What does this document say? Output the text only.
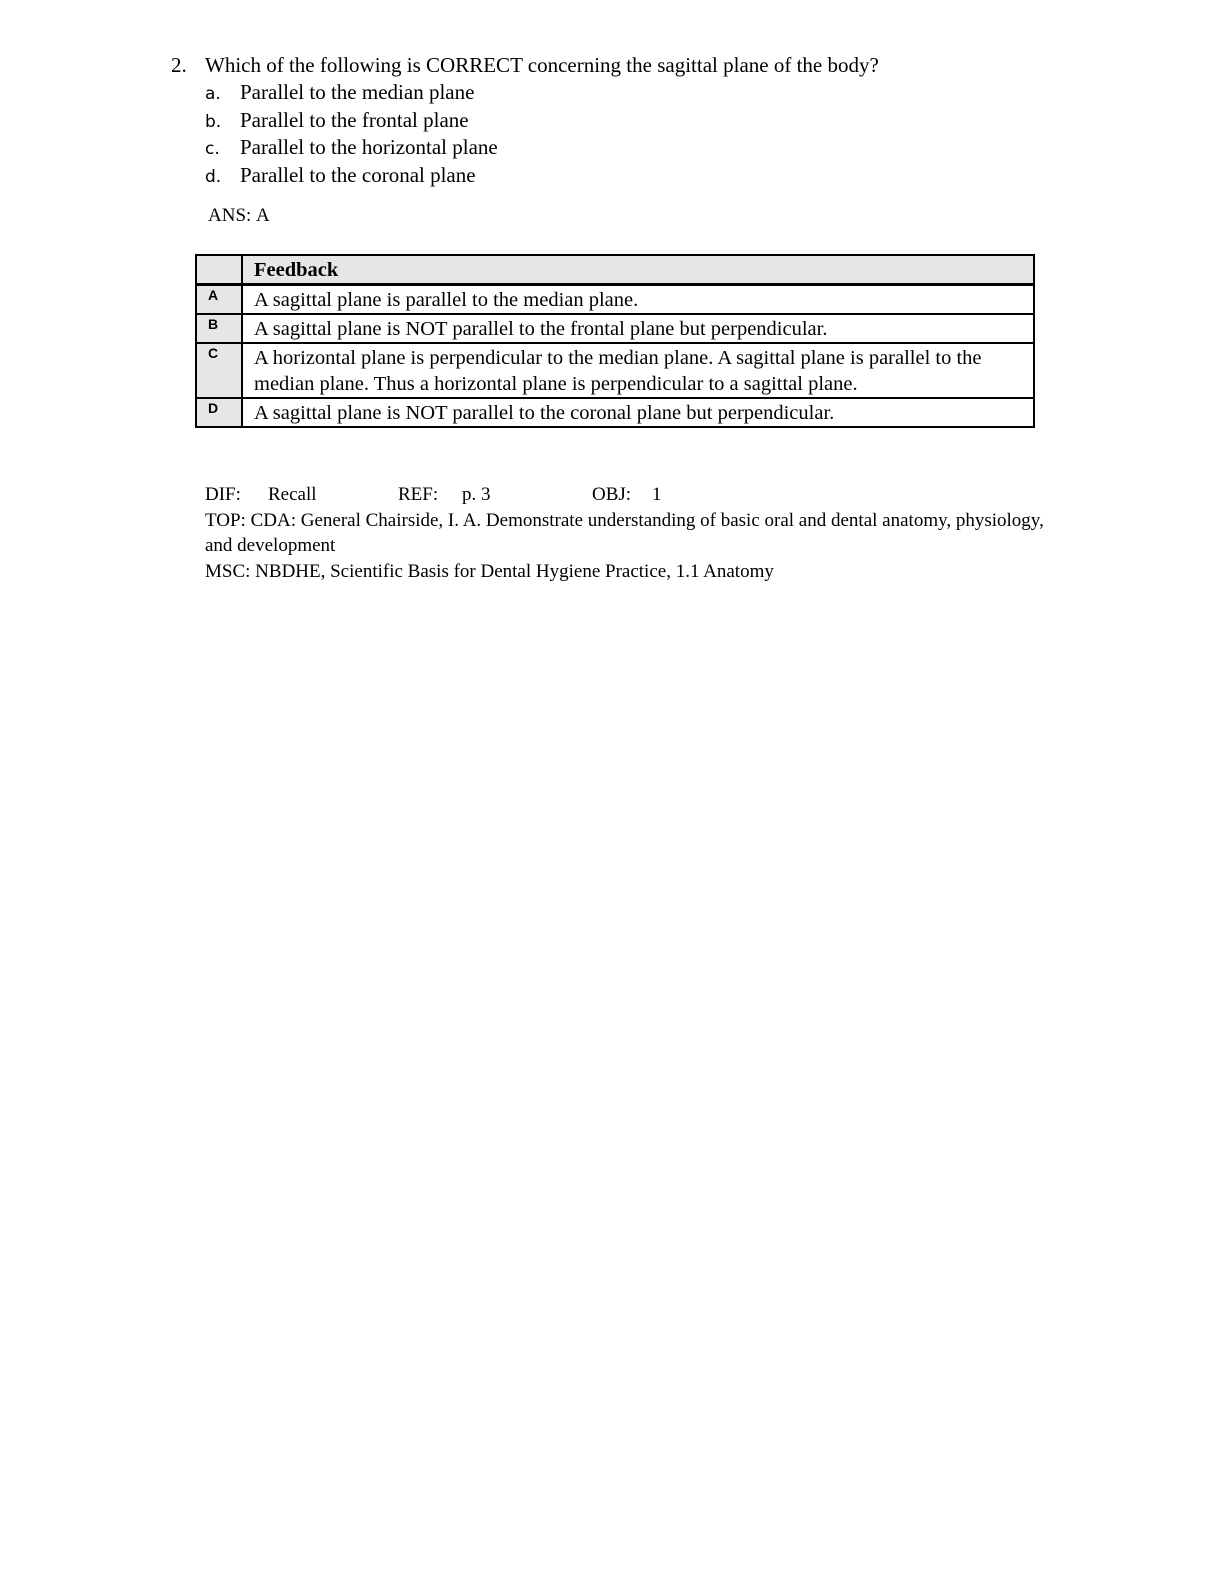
2. Which of the following is CORRECT concerning the sagittal plane of the body?
a. Parallel to the median plane
b. Parallel to the frontal plane
c. Parallel to the horizontal plane
d. Parallel to the coronal plane
ANS: A
	Feedback
A	A sagittal plane is parallel to the median plane.
B	A sagittal plane is NOT parallel to the frontal plane but perpendicular.
C	A horizontal plane is perpendicular to the median plane. A sagittal plane is parallel to the median plane. Thus a horizontal plane is perpendicular to a sagittal plane.
D	A sagittal plane is NOT parallel to the coronal plane but perpendicular.
DIF: Recall	REF: p. 3	OBJ: 1
TOP: CDA: General Chairside, I. A. Demonstrate understanding of basic oral and dental anatomy, physiology, and development
MSC: NBDHE, Scientific Basis for Dental Hygiene Practice, 1.1 Anatomy
